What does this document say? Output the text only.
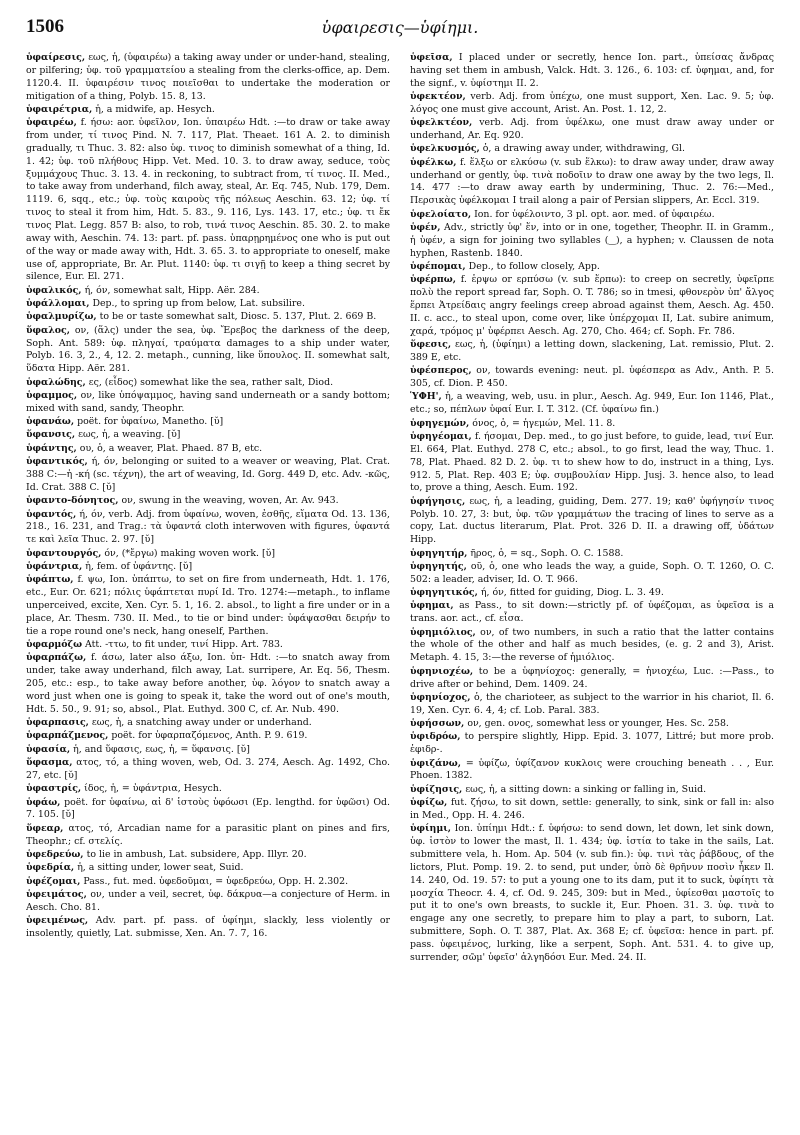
1506	ὑφαιρεσις—ὑφίημι.

ὑφαίρεσις, εως, ἡ, (ὑφαιρέω) a taking away under or under-hand, stealing, or pilfering; ὑφ. τοῦ γραμματείου a stealing from the clerks-office, ap. Dem. 1120.4. II. ὑφαιρέσιν τινος ποιεῖσθαι to undertake the moderation or mitigation of a thing, Polyb. 15. 8, 13.

ὑφαιρέτρια, ἡ, a midwife, ap. Hesych.

ὑφαιρέω, f. ήσω: aor. ὑφεῖλον, Ion. ὑπαιρέω Hdt. :—to draw or take away from under, τί τινος Pind. N. 7. 117, Plat. Theaet. 161 A. 2. to diminish gradually, τι Thuc. 3. 82: also ὑφ. τινος to diminish somewhat of a thing, Id. 1. 42; ὑφ. τοῦ πλήθους Hipp. Vet. Med. 10. 3. to draw away, seduce, τοὺς ξυμμάχους Thuc. 3. 13. 4. in reckoning, to subtract from, τί τινος. II. Med., to take away from underhand, filch away, steal, Ar. Eq. 745, Nub. 179, Dem. 1119. 6, sqq., etc.; ὑφ. τοὺς καιροὺς τῆς πόλεως Aeschin. 63. 12; ὑφ. τί τινος to steal it from him, Hdt. 5. 83., 9. 116, Lys. 143. 17, etc.; ὑφ. τι ἔκ τινος Plat. Legg. 857 B: also, to rob, τινά τινος Aeschin. 85. 30. 2. to make away with, Aeschin. 74. 13: part. pf. pass. ὑπαρῃρημένος one who is put out of the way or made away with, Hdt. 3. 65. 3. to appropriate to oneself, make use of, appropriate, Br. Ar. Plut. 1140: ὑφ. τι σιγῇ to keep a thing secret by silence, Eur. El. 271.

ὑφαλικός, ή, όν, somewhat salt, Hipp. Aër. 284.

ὑφάλλομαι, Dep., to spring up from below, Lat. subsilire.

ὑφαλμυρίζω, to be or taste somewhat salt, Diosc. 5. 137, Plut. 2. 669 B.

ὕφαλος, ον, (ἅλς) under the sea, ὑφ. Ἔρεβος the darkness of the deep, Soph. Ant. 589: ὑφ. πληγαί, τραύματα damages to a ship under water, Polyb. 16. 3, 2., 4, 12. 2. metaph., cunning, like ὕπουλος. II. somewhat salt, ὕδατα Hipp. Aër. 281.

ὑφαλώδης, ες, (εἶδος) somewhat like the sea, rather salt, Diod.

ὑφαμμος, ον, like ὑπόψαμμος, having sand underneath or a sandy bottom; mixed with sand, sandy, Theophr.

ὑφανάω, poët. for ὑφαίνω, Manetho. [ῠ]

ὕφανσις, εως, ἡ, a weaving. [ῠ]

ὑφάντης, ου, ὁ, a weaver, Plat. Phaed. 87 B, etc.

ὑφαντικός, ή, όν, belonging or suited to a weaver or weaving, Plat. Crat. 388 C:—ἡ -κή (sc. τέχνη), the art of weaving, Id. Gorg. 449 D, etc. Adv. -κῶς, Id. Crat. 388 C. [ῠ]

ὑφαντο-δόνητος, ον, swung in the weaving, woven, Ar. Av. 943.

ὑφαντός, ή, όν, verb. Adj. from ὑφαίνω, woven, ἐσθῆς, εἵματα Od. 13. 136, 218., 16. 231, and Trag.: τὰ ὑφαντά cloth interwoven with figures, ὑφαντά τε καὶ λεῖα Thuc. 2. 97. [ῠ]

ὑφαντουργός, όν, (*ἔργω) making woven work. [ῠ]

ὑφάντρια, ἡ, fem. of ὑφάντης. [ῠ]

ὑφάπτω, f. ψω, Ion. ὑπάπτω, to set on fire from underneath, Hdt. 1. 176, etc., Eur. Or. 621; πόλις ὑφάπτεται πυρί Id. Tro. 1274:—metaph., to inflame unperceived, excite, Xen. Cyr. 5. 1, 16. 2. absol., to light a fire under or in a place, Ar. Thesm. 730. II. Med., to tie or bind under: ὑφάψασθαι δειρήν to tie a rope round one's neck, hang oneself, Parthen.

ὑφαρμόζω Att. -ττω, to fit under, τινί Hipp. Art. 783.

ὑφαρπάζω, f. άσω, later also άξω, Ion. ὑπ- Hdt. :—to snatch away from under, take away underhand, filch away, Lat. surripere, Ar. Eq. 56, Thesm. 205, etc.: esp., to take away before another, ὑφ. λόγον to snatch away a word just when one is going to speak it, take the word out of one's mouth, Hdt. 5. 50., 9. 91; so, absol., Plat. Euthyd. 300 C, cf. Ar. Nub. 490.

ὑφαρπασις, εως, ἡ, a snatching away under or underhand.

ὑφαρπάζμενος, poët. for ὑφαρπαζόμενος, Anth. P. 9. 619.

ὑφασία, ἡ, and ὕφασις, εως, ἡ, = ὕφανσις. [ῠ]

ὕφασμα, ατος, τό, a thing woven, web, Od. 3. 274, Aesch. Ag. 1492, Cho. 27, etc. [ῠ]

ὑφαστρίς, ίδος, ἡ, = ὑφάντρια, Hesych.

ὑφάω, poët. for ὑφαίνω, αἱ δ' ἱστοὺς ὑφόωσι (Ep. lengthd. for ὑφῶσι) Od. 7. 105. [ῠ]

ὕφεαρ, ατος, τό, Arcadian name for a parasitic plant on pines and firs, Theophr.; cf. στελίς.

ὑφεδρεύω, to lie in ambush, Lat. subsidere, App. Illyr. 20.

ὑφεδρία, ἡ, a sitting under, lower seat, Suid.

ὑφέζομαι, Pass., fut. med. ὑφεδοῦμαι, = ὑφεδρεύω, Opp. H. 2.302.

ὑφειμάτος, ον, under a veil, secret, ὑφ. δάκρυα—a conjecture of Herm. in Aesch. Cho. 81.

ὑφειμένως, Adv. part. pf. pass. of ὑφίημι, slackly, less violently or insolently, quietly, Lat. submisse, Xen. An. 7. 7, 16.

ὑφεῖσα, I placed under or secretly, hence Ion. part., ὑπείσας ἄνδρας having set them in ambush, Valck. Hdt. 3. 126., 6. 103: cf. ὑφημαι, and, for the signf., v. ὑφίστημι II. 2.

ὑφεκτέον, verb. Adj. from ὑπέχω, one must support, Xen. Lac. 9. 5; ὑφ. λόγος one must give account, Arist. An. Post. 1. 12, 2.

ὑφελκτέον, verb. Adj. from ὑφέλκω, one must draw away under or underhand, Ar. Eq. 920.

ὑφελκυσμός, ὁ, a drawing away under, withdrawing, Gl.

ὑφέλκω, f. ἕλξω or ελκύσω (v. sub ἕλκω): to draw away under, draw away underhand or gently, ὑφ. τινὰ ποδοῖιν to draw one away by the two legs, Il. 14. 477 :—to draw away earth by undermining, Thuc. 2. 76:—Med., Περσικὰς ὑφέλκομαι I trail along a pair of Persian slippers, Ar. Eccl. 319.

ὑφελοίατο, Ion. for ὑφέλοιντο, 3 pl. opt. aor. med. of ὑφαιρέω.

ὑφέν, Adv., strictly ὑφ' ἕν, into or in one, together, Theophr. II. in Gramm., ἡ ὑφέν, a sign for joining two syllables (‿), a hyphen; v. Claussen de nota hyphen, Rastenb. 1840.

ὑφέπομαι, Dep., to follow closely, App.

ὑφέρπω, f. ἑρψω or ερπύσω (v. sub ἕρπω): to creep on secretly, ὑφεῖρπε πολὺ the report spread far, Soph. O. T. 786; so in tmesi, φθονερὸν ὑπ' ἄλγος ἕρπει Ἀτρείδαις angry feelings creep abroad against them, Aesch. Ag. 450. II. c. acc., to steal upon, come over, like ὑπέρχομαι II, Lat. subire animum, χαρά, τρόμος μ' ὑφέρπει Aesch. Ag. 270, Cho. 464; cf. Soph. Fr. 786.

ὕφεσις, εως, ἡ, (ὑφίημι) a letting down, slackening, Lat. remissio, Plut. 2. 389 E, etc.

ὑφέσπερος, ον, towards evening: neut. pl. ὑφέσπερα as Adv., Anth. P. 5. 305, cf. Dion. P. 450.

ὙΦΗ', ἡ, a weaving, web, usu. in plur., Aesch. Ag. 949, Eur. Ion 1146, Plat., etc.; so, πέπλων ὑφαί Eur. I. T. 312. (Cf. ὑφαίνω fin.)

ὑφηγεμών, όνος, ὁ, = ἡγεμών, Mel. 11. 8.

ὑφηγέομαι, f. ήσομαι, Dep. med., to go just before, to guide, lead, τινί Eur. El. 664, Plat. Euthyd. 278 C, etc.; absol., to go first, lead the way, Thuc. 1. 78, Plat. Phaed. 82 D. 2. ὑφ. τι to shew how to do, instruct in a thing, Lys. 912. 5, Plat. Rep. 403 E; ὑφ. συμβουλίαν Hipp. Jusj. 3. hence also, to lead to, prove a thing, Aesch. Eum. 192.

ὑφήγησις, εως, ἡ, a leading, guiding, Dem. 277. 19; καθ' ὑφήγησίν τινος Polyb. 10. 27, 3: but, ὑφ. τῶν γραμμάτων the tracing of lines to serve as a copy, Lat. ductus literarum, Plat. Prot. 326 D. II. a drawing off, ὑδάτων Hipp.

ὑφηγητήρ, ῆρος, ὁ, = sq., Soph. O. C. 1588.

ὑφηγητής, οῦ, ὁ, one who leads the way, a guide, Soph. O. T. 1260, O. C. 502: a leader, adviser, Id. O. T. 966.

ὑφηγητικός, ή, όν, fitted for guiding, Diog. L. 3. 49.

ὑφημαι, as Pass., to sit down:—strictly pf. of ὑφέζομαι, as ὑφεῖσα is a trans. aor. act., cf. εἷσα.

ὑφημιόλιος, ον, of two numbers, in such a ratio that the latter contains the whole of the other and half as much besides, (e. g. 2 and 3), Arist. Metaph. 4. 15, 3:—the reverse of ἡμιόλιος.

ὑφηνιοχέω, to be a ὑφηνίοχος: generally, = ἡνιοχέω, Luc. :—Pass., to drive after or behind, Dem. 1409. 24.

ὑφηνίοχος, ὁ, the charioteer, as subject to the warrior in his chariot, Il. 6. 19, Xen. Cyr. 6. 4, 4; cf. Lob. Paral. 383.

ὑφήσσων, ον, gen. ονος, somewhat less or younger, Hes. Sc. 258.

ὑφιδρόω, to perspire slightly, Hipp. Epid. 3. 1077, Littré; but more prob. ἐφιδρ-.

ὑφιζάνω, = ὑφίζω, ὑφίζανον κυκλοις were crouching beneath . . , Eur. Phoen. 1382.

ὑφίζησις, εως, ἡ, a sitting down: a sinking or falling in, Suid.

ὑφίζω, fut. ζήσω, to sit down, settle: generally, to sink, sink or fall in: also in Med., Opp. H. 4. 246.

ὑφίημι, Ion. ὑπίημι Hdt.: f. ὑφήσω: to send down, let down, let sink down, ὑφ. ἱστὸν to lower the mast, Il. 1. 434; ὑφ. ἱστία to take in the sails, Lat. submittere vela, h. Hom. Ap. 504 (v. sub fin.): ὑφ. τινὶ τὰς ῥάβδους, of the lictors, Plut. Pomp. 19. 2. to send, put under, ὑπὸ δὲ θρῆνυν ποσὶν ἧκεν Il. 14. 240, Od. 19. 57: to put a young one to its dam, put it to suck, ὑφίητι τὰ μοσχία Theocr. 4. 4, cf. Od. 9. 245, 309: but in Med., ὑφίεσθαι μαστοῖς to put it to one's own breasts, to suckle it, Eur. Phoen. 31. 3. ὑφ. τινὰ to engage any one secretly, to prepare him to play a part, to suborn, Lat. submittere, Soph. O. T. 387, Plat. Ax. 368 E; cf. ὑφεῖσα: hence in part. pf. pass. ὑφειμένος, lurking, like a serpent, Soph. Ant. 531. 4. to give up, surrender, σῶμ' ὑφεῖσ' ἀλγηδόσι Eur. Med. 24. II.
